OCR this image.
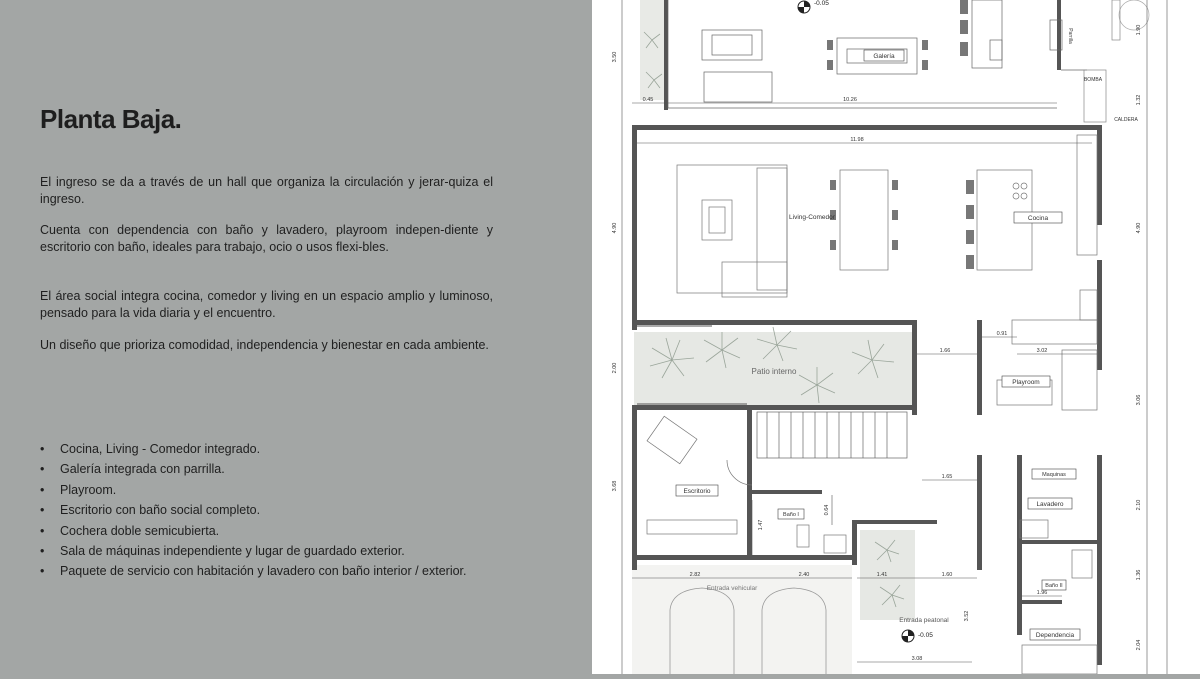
Planta Baja.

El ingreso se da a través de un hall que organiza la circulación y jerar-quiza el ingreso.

Cuenta con dependencia con baño y lavadero, playroom indepen-diente y escritorio con baño, ideales para trabajo, ocio o usos flexi-bles.

El área social integra cocina, comedor y living en un espacio amplio y luminoso, pensado para la vida diaria y el encuentro.

Un diseño que prioriza comodidad, independencia y bienestar en cada ambiente.

• Cocina, Living - Comedor integrado.
• Galería integrada con parrilla.
• Playroom.
• Escritorio con baño social completo.
• Cochera doble semicubierta.
• Sala de máquinas independiente y lugar de guardado exterior.
• Paquete de servicio con habitación y lavadero con baño interior / exterior.
Galería
Living-Comedor	Cocina
Patio interno
Playroom
Escritorio
Baño I
Maquinas
Lavadero
Baño II
Dependencia
Entrada vehicular
Entrada peatonal
BOMBA
CALDERA
Parrilla
-0.05
-0.05
10.26
0.45
11.98
1.66
0.91
3.02
1.65
2.82	2.40	1.41	1.60
3.08
1.96
0.64
1.47
3.50
4.90
2.00
3.68
3.52
1.90
1.32
4.90
3.06
2.10
1.36
2.04
